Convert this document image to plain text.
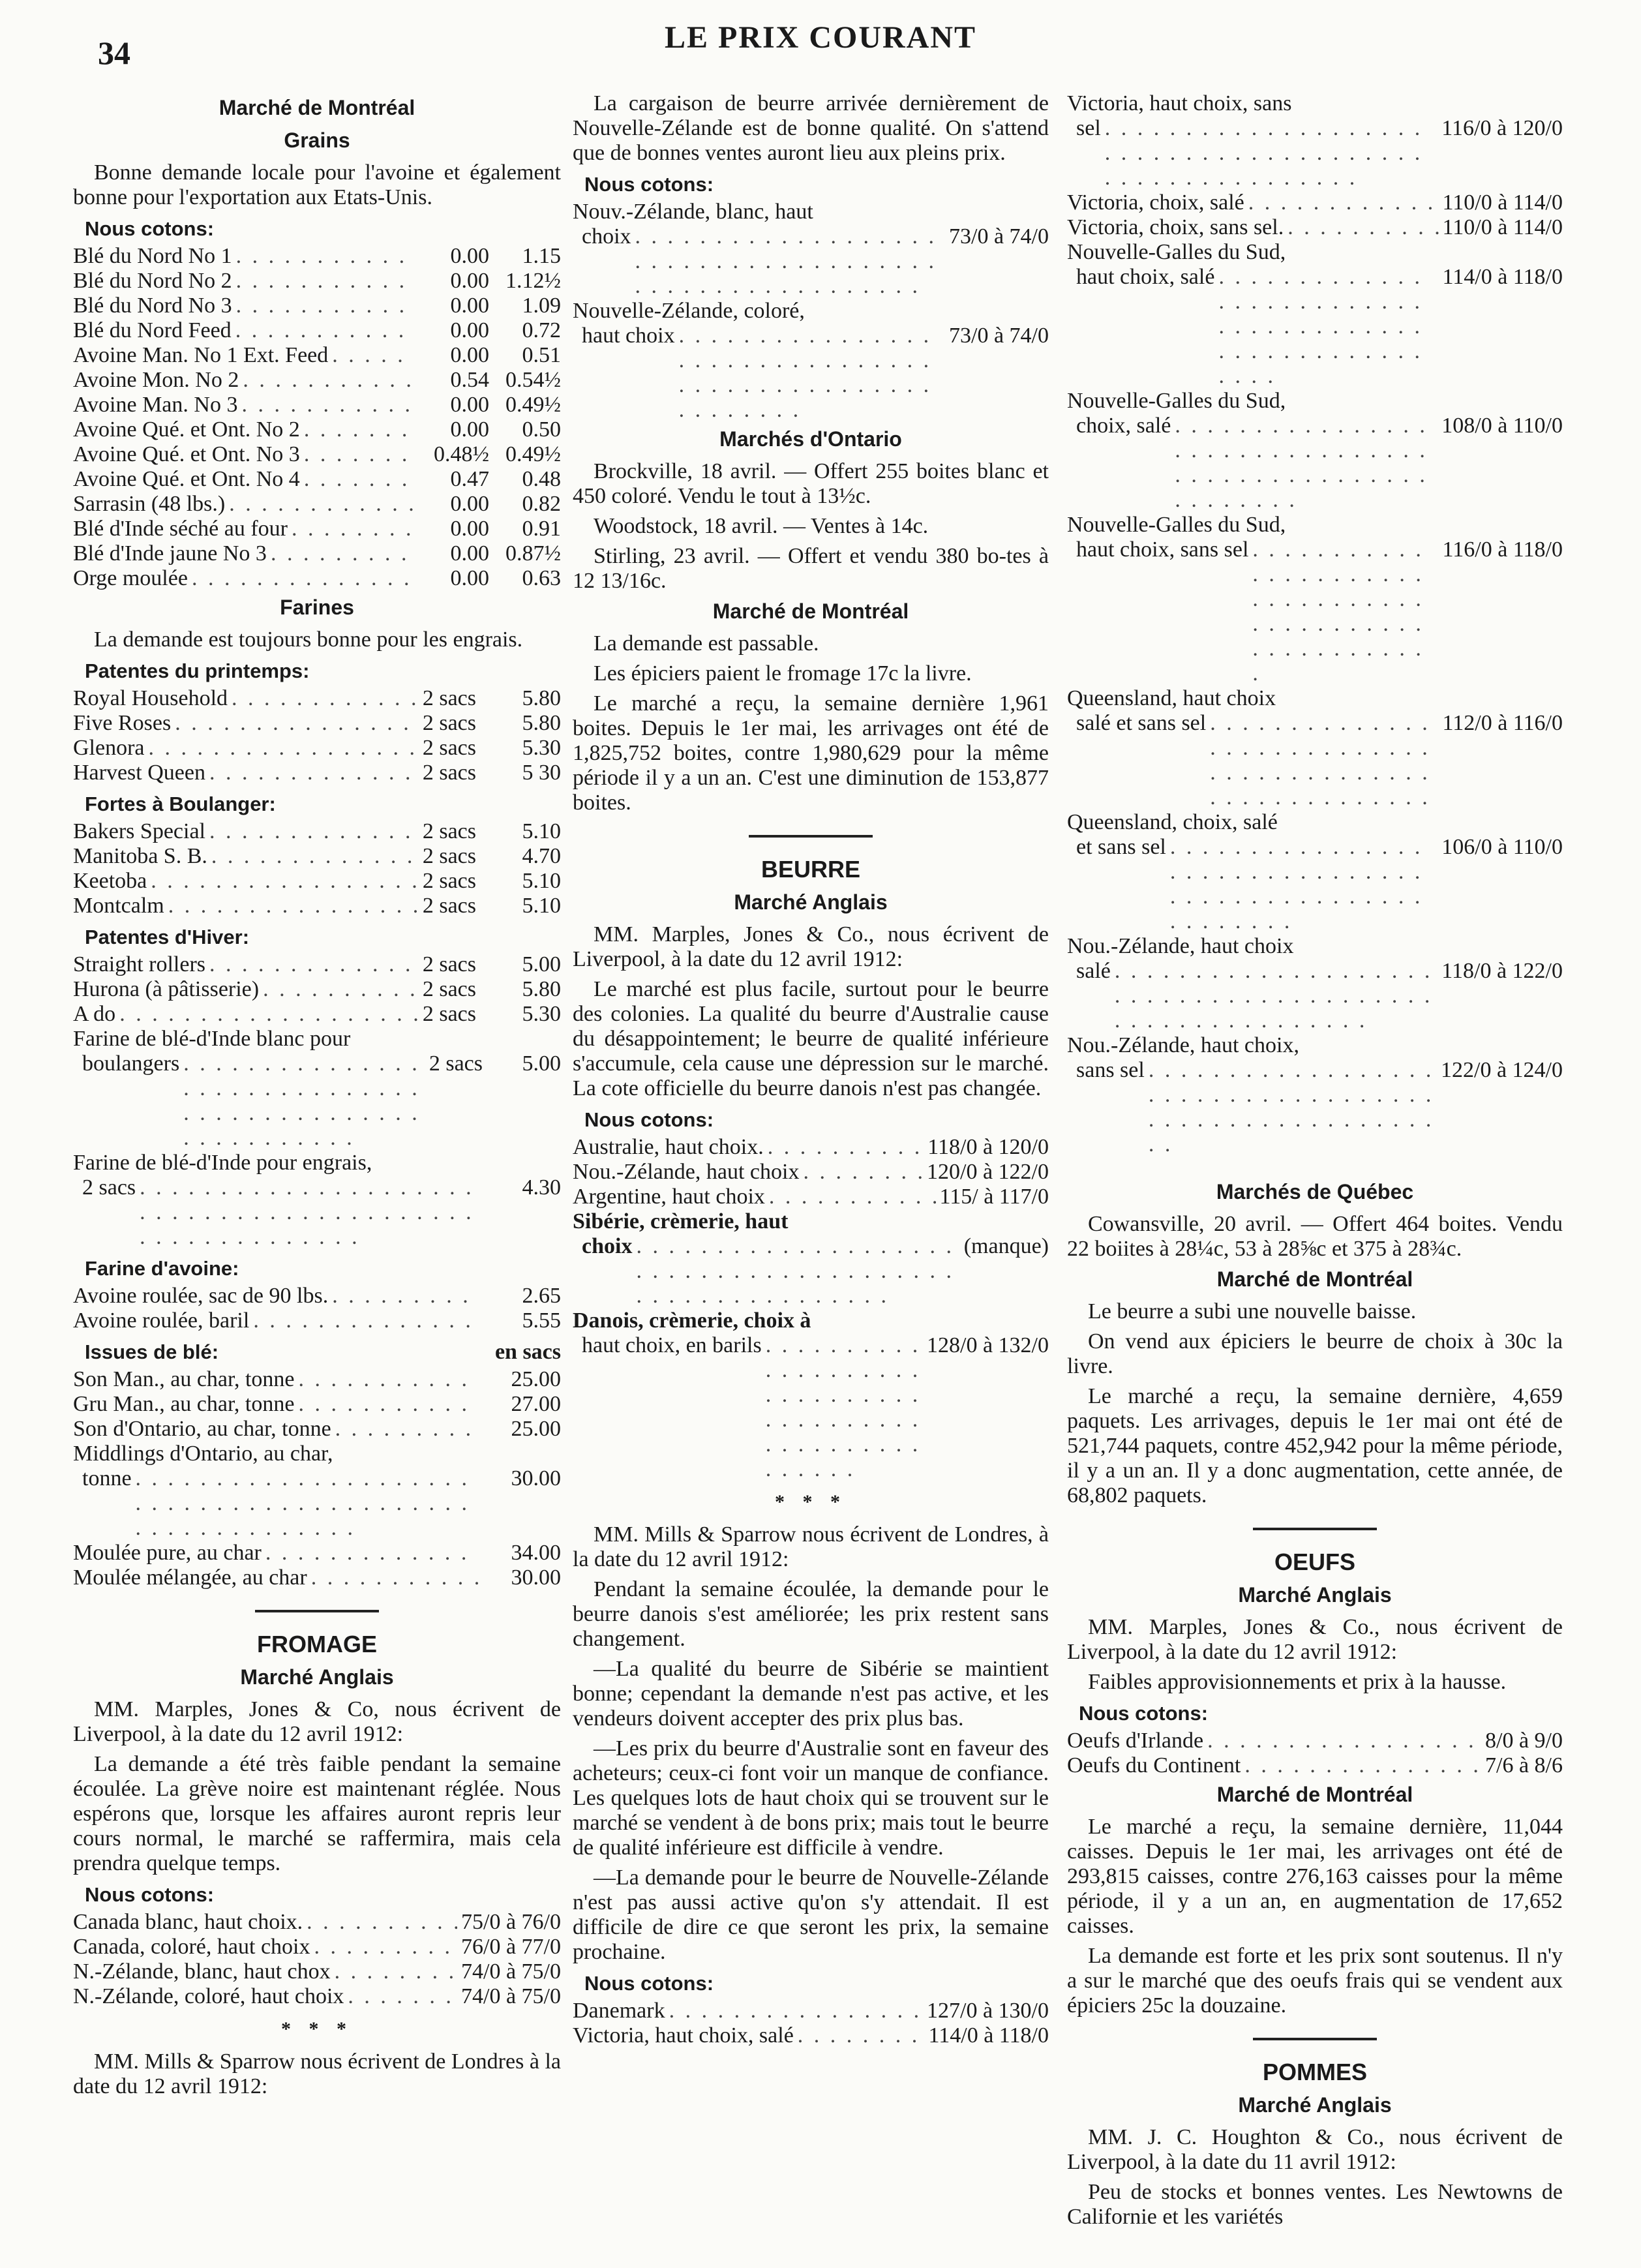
34	LE PRIX COURANT
Marché de Montréal
Grains

Bonne demande locale pour l'avoine et également bonne pour l'exportation aux Etats-Unis.

Nous cotons:
Blé du Nord No 1 . . .	0.00	1.15
Blé du Nord No 2 . . .	0.00 1.12½
Blé du Nord No 3 . . .	0.00	1.09
Blé du Nord Feed . . .	0.00	0.72
Avoine Man. No 1 Ext. Feed . . .	0.00	0.51
Avoine Mon. No 2 . . .	0.54 0.54½
Avoine Man. No 3 . . .	0.00 0.49½
Avoine Qué. et Ont. No 2 . . .	0.00	0.50
Avoine Qué. et Ont. No 3 . . .	0.48½ 0.49½
Avoine Qué. et Ont. No 4 . . .	0.47	0.48
Sarrasin (48 lbs.) . . .	0.00	0.82
Blé d'Inde séché au four . . .	0.00	0.91
Blé d'Inde jaune No 3 . . .	0.00 0.87½
Orge moulée . . .	0.00	0.63
Farines

La demande est toujours bonne pour les engrais.

Patentes du printemps:
Royal Household . . .	2 sacs	5.80
Five Roses . . .	2 sacs	5.80
Glenora . . .	2 sacs	5.30
Harvest Queen . . .	2 sacs	5 30
Fortes à Boulanger:
Bakers Special . . .	2 sacs	5.10
Manitoba S. B. . . .	2 sacs	4.70
Keetoba . . .	2 sacs	5.10
Montcalm . . .	2 sacs	5.10
Patentes d'Hiver:
Straight rollers . . .	2 sacs	5.00
Hurona (à pâtisserie) . . .	2 sacs	5.80
A do . . .	2 sacs	5.30
Farine de blé-d'Inde blanc pour
boulangers . . .	2 sacs	5.00
Farine de blé-d'Inde pour engrais,
2 sacs . . .	4.30
Farine d'avoine:
Avoine roulée, sac de 90 lbs. . . .	2.65
Avoine roulée, baril . . .	5.55
Issues de blé:	en sacs
Son Man., au char, tonne . . .	25.00
Gru Man., au char, tonne . . .	27.00
Son d'Ontario, au char, tonne . . .	25.00
Middlings d'Ontario, au char,
tonne . . .	30.00
Moulée pure, au char . . .	34.00
Moulée mélangée, au char . . .	30.00
FROMAGE
Marché Anglais

MM. Marples, Jones & Co, nous écrivent de Liverpool, à la date du 12 avril 1912:

La demande a été très faible pendant la semaine écoulée. La grève noire est maintenant réglée. Nous espérons que, lorsque les affaires auront repris leur cours normal, le marché se raffermira, mais cela prendra quelque temps.

Nous cotons:
Canada blanc, haut choix. . . .	75/0 à 76/0
Canada, coloré, haut choix . . .	76/0 à 77/0
N.-Zélande, blanc, haut chox . . .	74/0 à 75/0
N.-Zélande, coloré, haut choix . . .	74/0 à 75/0
* * *

MM. Mills & Sparrow nous écrivent de Londres à la date du 12 avril 1912:

La cargaison de beurre arrivée dernièrement de Nouvelle-Zélande est de bonne qualité. On s'attend que de bonnes ventes auront lieu aux pleins prix.

Nous cotons:
Nouv.-Zélande, blanc, haut
choix . . .	73/0 à 74/0
Nouvelle-Zélande, coloré,
haut choix . . .	73/0 à 74/0
Marchés d'Ontario

Brockville, 18 avril. — Offert 255 boites blanc et 450 coloré. Vendu le tout à 13½c.

Woodstock, 18 avril. — Ventes à 14c.

Stirling, 23 avril. — Offert et vendu 380 bo-tes à 12 13/16c.

Marché de Montréal

La demande est passable.

Les épiciers paient le fromage 17c la livre.

Le marché a reçu, la semaine dernière 1,961 boites. Depuis le 1er mai, les arrivages ont été de 1,825,752 boites, contre 1,980,629 pour la même période il y a un an. C'est une diminution de 153,877 boites.

BEURRE
Marché Anglais

MM. Marples, Jones & Co., nous écrivent de Liverpool, à la date du 12 avril 1912:

Le marché est plus facile, surtout pour le beurre des colonies. La qualité du beurre d'Australie cause du désappointement; le beurre de qualité inférieure s'accumule, cela cause une dépression sur le marché. La cote officielle du beurre danois n'est pas changée.

Nous cotons:
Australie, haut choix. . . .	118/0 à 120/0
Nou.-Zélande, haut choix . . .	120/0 à 122/0
Argentine, haut choix . . .	115/ à 117/0
Sibérie, crèmerie, haut
choix . . .	(manque)
Danois, crèmerie, choix à
haut choix, en barils . . .	128/0 à 132/0
* * *

MM. Mills & Sparrow nous écrivent de Londres, à la date du 12 avril 1912:

Pendant la semaine écoulée, la demande pour le beurre danois s'est améliorée; les prix restent sans changement.

—La qualité du beurre de Sibérie se maintient bonne; cependant la demande n'est pas active, et les vendeurs doivent accepter des prix plus bas.

—Les prix du beurre d'Australie sont en faveur des acheteurs; ceux-ci font voir un manque de confiance. Les quelques lots de haut choix qui se trouvent sur le marché se vendent à de bons prix; mais tout le beurre de qualité inférieure est difficile à vendre.

—La demande pour le beurre de Nouvelle-Zélande n'est pas aussi active qu'on s'y attendait. Il est difficile de dire ce que seront les prix, la semaine prochaine.

Nous cotons:
Danemark . . .	127/0 à 130/0
Victoria, haut choix, salé . . .	114/0 à 118/0
Victoria, haut choix, sans
sel . . .	116/0 à 120/0
Victoria, choix, salé . . .	110/0 à 114/0
Victoria, choix, sans sel. . . .	110/0 à 114/0
Nouvelle-Galles du Sud,
haut choix, salé . . .	114/0 à 118/0
Nouvelle-Galles du Sud,
choix, salé . . .	108/0 à 110/0
Nouvelle-Galles du Sud,
haut choix, sans sel . . .	116/0 à 118/0
Queensland, haut choix
salé et sans sel . . .	112/0 à 116/0
Queensland, choix, salé
et sans sel . . .	106/0 à 110/0
Nou.-Zélande, haut choix
salé . . .	118/0 à 122/0
Nou.-Zélande, haut choix,
sans sel . . .	122/0 à 124/0
Marchés de Québec

Cowansville, 20 avril. — Offert 464 boites. Vendu 22 boiites à 28¼c, 53 à 28⅝c et 375 à 28¾c.

Marché de Montréal

Le beurre a subi une nouvelle baisse.

On vend aux épiciers le beurre de choix à 30c la livre.

Le marché a reçu, la semaine dernière, 4,659 paquets. Les arrivages, depuis le 1er mai ont été de 521,744 paquets, contre 452,942 pour la même période, il y a un an. Il y a donc augmentation, cette année, de 68,802 paquets.

OEUFS
Marché Anglais

MM. Marples, Jones & Co., nous écrivent de Liverpool, à la date du 12 avril 1912:

Faibles approvisionnements et prix à la hausse.

Nous cotons:
Oeufs d'Irlande . . .	8/0 à 9/0
Oeufs du Continent . . .	7/6 à 8/6
Marché de Montréal

Le marché a reçu, la semaine dernière, 11,044 caisses. Depuis le 1er mai, les arrivages ont été de 293,815 caisses, contre 276,163 caisses pour la même période, il y a un an, en augmentation de 17,652 caisses.

La demande est forte et les prix sont soutenus. Il n'y a sur le marché que des oeufs frais qui se vendent aux épiciers 25c la douzaine.

POMMES
Marché Anglais

MM. J. C. Houghton & Co., nous écrivent de Liverpool, à la date du 11 avril 1912:

Peu de stocks et bonnes ventes. Les Newtowns de Californie et les variétés
